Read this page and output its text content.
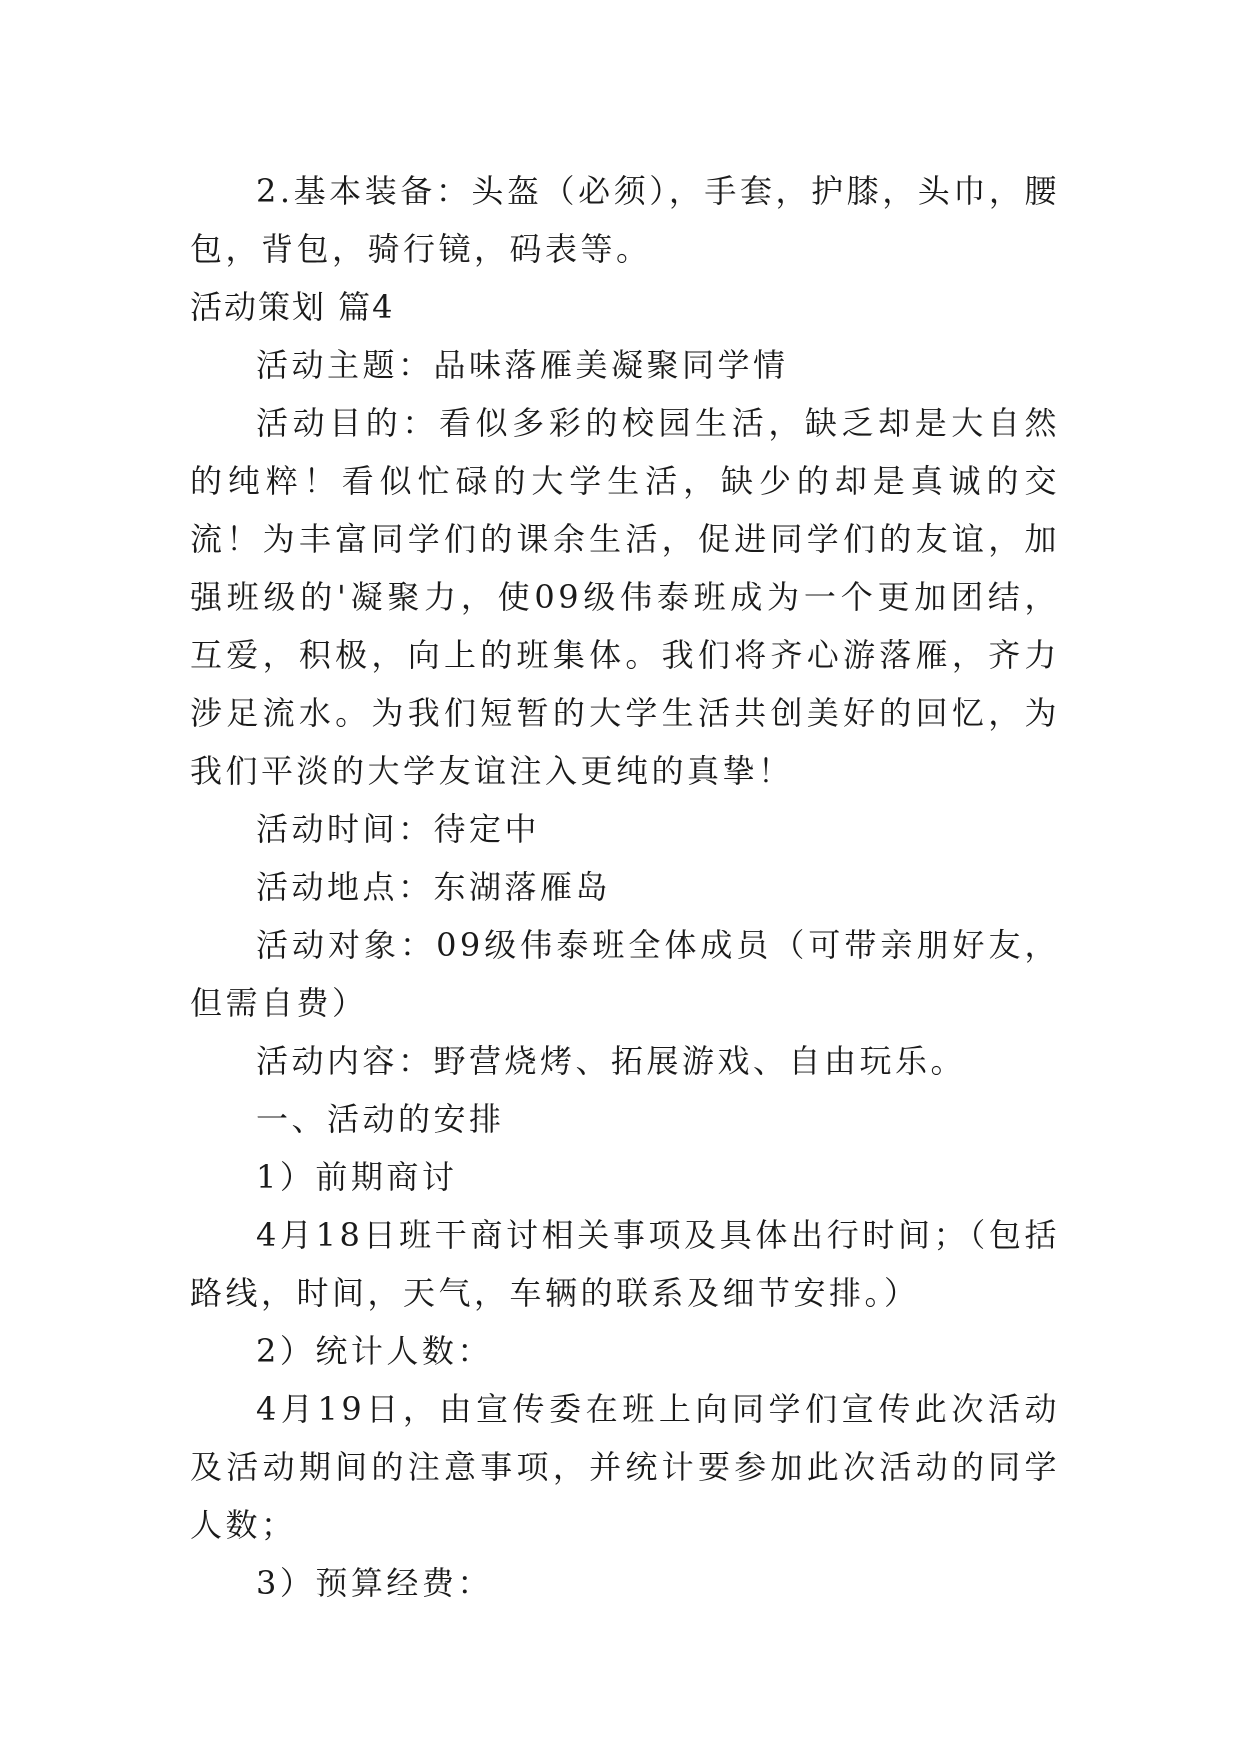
2.基本装备：头盔（必须），手套，护膝，头巾，腰包，背包，骑行镜，码表等。

活动策划 篇4

活动主题：品味落雁美凝聚同学情

活动目的：看似多彩的校园生活，缺乏却是大自然的纯粹！看似忙碌的大学生活，缺少的却是真诚的交流！为丰富同学们的课余生活，促进同学们的友谊，加强班级的'凝聚力，使09级伟泰班成为一个更加团结，互爱，积极，向上的班集体。我们将齐心游落雁，齐力涉足流水。为我们短暂的大学生活共创美好的回忆，为我们平淡的大学友谊注入更纯的真挚！

活动时间：待定中

活动地点：东湖落雁岛

活动对象：09级伟泰班全体成员（可带亲朋好友，但需自费）

活动内容：野营烧烤、拓展游戏、自由玩乐。

一、活动的安排

1）前期商讨

4月18日班干商讨相关事项及具体出行时间；（包括路线，时间，天气，车辆的联系及细节安排。）

2）统计人数：

4月19日，由宣传委在班上向同学们宣传此次活动及活动期间的注意事项，并统计要参加此次活动的同学人数；

3）预算经费：
